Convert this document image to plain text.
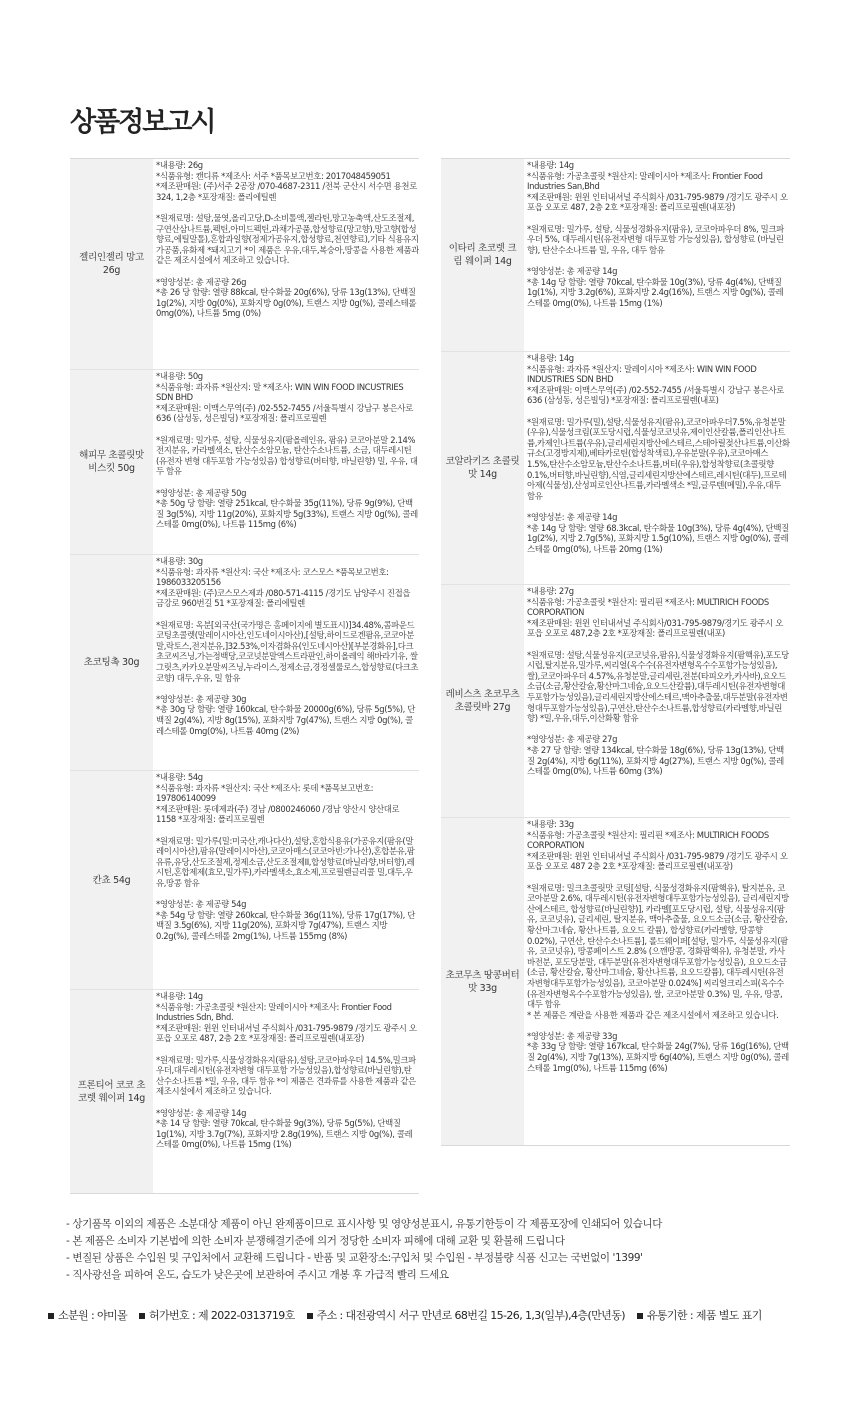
상품정보고시
젤리인젤리 망고 26g
*내용량: 26g
*식품유형: 캔디류 *제조사: 서주 *품목보고번호: 2017048459051
*제조판매원: (주)서주 2공장 /070-4687-2311 /전북 군산시 서수면 용천로 324, 1,2층 *포장재질: 폴리에틸렌

*원재료명: 설탕,물엿,올리고당,D-소비톨액,젤라틴,망고농축액,산도조절제,구연산삼나트륨,펙틴,아미드펙틴,과채가공품,합성향료(망고향),망고향(합성향료,에틸말톨),혼합과일향(정제가공유지,합성향료,천연향료),기타 식용유지가공품,유화제 *돼지고기 *이 제품은 우유,대두,복숭아,땅콩을 사용한 제품과 같은 제조시설에서 제조하고 있습니다.

*영양성분: 총 제공량 26g
*총 26 당 함량: 열량 88kcal, 탄수화물 20g(6%), 당류 13g(13%), 단백질 1g(2%), 지방 0g(0%), 포화지방 0g(0%), 트랜스 지방 0g(%), 콜레스테롤 0mg(0%), 나트륨 5mg (0%)
해피무 초콜릿맛 비스킷 50g
*내용량: 50g
*식품유형: 과자류 *원산지: 말 *제조사: WIN WIN FOOD INCUSTRIES SDN BHD
*제조판매원: 이맥스무역(주) /02-552-7455 /서울특별시 강남구 봉은사로 636 (삼성동, 성은빌딩) *포장재질: 폴리프로필렌

*원재료명: 밀가루, 설탕, 식물성유지(팜올레인유, 팜유) 코코아분말 2.14% 전지분유, 카라멜색소, 탄산수소암모늄, 탄산수소나트륨, 소금, 대두레시틴(유전자 변형 대두포함 가능성있음) 합성향료(버터향, 바닐린향) 밀, 우유, 대두 함유

*영양성분: 총 제공량 50g
*총 50g 당 함량: 열량 251kcal, 탄수화물 35g(11%), 당류 9g(9%), 단백질 3g(5%), 지방 11g(20%), 포화지방 5g(33%), 트랜스 지방 0g(%), 콜레스테롤 0mg(0%), 나트륨 115mg (6%)
초코팅촉 30g
*내용량: 30g
*식품유형: 과자류 *원산지: 국산 *제조사: 코스모스 *품목보고번호: 1986033205156
*제조판매원: (주)코스모스제과 /080-571-4115 /경기도 남양주시 진접읍 금강로 960번길 51 *포장재질: 폴리에틸렌

*원재료명: 옥분[외국산(국가명은 홈페이지에 별도표시)]34.48%,콤파운드코팅초콜렛(말레이시아산,인도네이시아산),[설탕,하이드로겐팜유,코코아분말,락토스,전지분유,]32.53%,이자겸화유(인도네시아산)[부분경화유],다크초코씨즈닝,가는정백당,코코넛분말엑스트라판인,하이올레익 해바라기유, 쌀그릿츠,카카오분말씨즈닝,누라이스,정제소금,경정셀룰로스,합성향료(다크초코향) 대두,우유, 밀 함유

*영양성분: 총 제공량 30g
*총 30g 당 함량: 열량 160kcal, 탄수화물 20000g(6%), 당류 5g(5%), 단백질 2g(4%), 지방 8g(15%), 포화지방 7g(47%), 트랜스 지방 0g(%), 콜레스테롤 0mg(0%), 나트륨 40mg (2%)
칸쵸 54g
*내용량: 54g
*식품유형: 과자류 *원산지: 국산 *제조사: 롯데 *품목보고번호: 197806140099
*제조판매원: 롯데제과(주) 경남 /0800246060 /경남 양산시 양산대로 1158 *포장재질: 폴리프로필렌

*원재료명: 밀가루(밀:미국산,캐나다산),설탕,혼합식용유(가공유지(팜유(말레이시아산),팜유(말레이시아산),코코아매스(코코아빈:가나산),혼합분유,팜유류,유당,산도조절제,정제소금,산도조절제II,합성향료(바닐라향,버터향),레시틴,혼합제제(효모,밀가루),카라멜색소,효소제,프로필렌글리콜 밀,대두,우유,땅콩 함유

*영양성분: 총 제공량 54g
*총 54g 당 함량: 열량 260kcal, 탄수화물 36g(11%), 당류 17g(17%), 단백질 3.5g(6%), 지방 11g(20%), 포화지방 7g(47%), 트랜스 지방 0.2g(%), 콜레스테롤 2mg(1%), 나트륨 155mg (8%)
프론티어 코코 초코렛 웨이퍼 14g
*내용량: 14g
*식품유형: 가공초콜릿 *원산지: 말레이시아 *제조사: Frontier Food Industries Sdn, Bhd.
*제조판매원: 윈윈 인터내셔널 주식회사 /031-795-9879 /경기도 광주시 오포읍 오포로 487, 2층 2호 *포장재질: 폴리프로필렌(내포장)

*원재료명: 밀가루,식물성경화유지(팜유),설탕,코코아파우더 14.5%,밀크파우더,대두레시틴(유전자변형 대두포함 가능성있음),합성향료(바닐린향),탄산수소나트륨 *밀, 우유, 대두 함유 *이 제품은 견과류를 사용한 제품과 같은 제조시설에서 제조하고 있습니다.

*영양성분: 총 제공량 14g
*총 14 당 함량: 열량 70kcal, 탄수화물 9g(3%), 당류 5g(5%), 단백질 1g(1%), 지방 3.7g(7%), 포화지방 2.8g(19%), 트랜스 지방 0g(%), 콜레스테롤 0mg(0%), 나트륨 15mg (1%)
이타리 초코렛 크림 웨이퍼 14g
*내용량: 14g
*식품유형: 가공초콜릿 *원산지: 말레이시아 *제조사: Frontier Food Industries San,Bhd
*제조판매원: 윈윈 인터내셔널 주식회사 /031-795-9879 /경기도 광주시 오포읍 오포로 487, 2층 2호 *포장재질: 폴리프로필렌(내포장)

*원재료명: 밀가루, 설탕, 식물성경화유지(팜유), 코코아파우더 8%, 밀크파우더 5%, 대두레시틴(유전자변형 대두포함 가능성있음), 합성향료 (바닐린향), 탄산수소나트륨 밀, 우유, 대두 함유

*영양성분: 총 제공량 14g
*총 14g 당 함량: 열량 70kcal, 탄수화물 10g(3%), 당류 4g(4%), 단백질 1g(1%), 지방 3.2g(6%), 포화지방 2.4g(16%), 트랜스 지방 0g(%), 콜레스테롤 0mg(0%), 나트륨 15mg (1%)
코알라키즈 초콜릿맛 14g
*내용량: 14g
*식품유형: 과자류 *원산지: 말레이시아 *제조사: WIN WIN FOOD INDUSTRIES SDN BHD
*제조판매원: 이맥스무역(주) /02-552-7455 /서울특별시 강남구 봉은사로 636 (삼성동, 성은빌딩) *포장재질: 폴리프로필렌(내포)

*원재료명: 밀가루(밀),설탕,식물성유지(팜유),코코아파우더7.5%,유청분말(우유),식물성크림(포도당시럽,식물성코코넛유,제이인산칼륨,폴리인산나트륨,카제인나트륨(우유),글리세린지방산에스테르,스테아릴젖산나트륨,이산화규소(고경방지제),베타카로틴(합성착색료),우유분말(우유),코코아매스1.5%,탄산수소암모늄,탄산수소나트륨,버터(우유),합성착향료(초콜릿향0.1%,버터향,바닐린향),식염,글리세린지방산에스테르,레시틴(대두),프로테아제(식물성),산성피로인산나트륨,카라멜색소 *밀,글루텐(메밀),우유,대두 함유

*영양성분: 총 제공량 14g
*총 14g 당 함량: 열량 68.3kcal, 탄수화물 10g(3%), 당류 4g(4%), 단백질 1g(2%), 지방 2.7g(5%), 포화지방 1.5g(10%), 트랜스 지방 0g(0%), 콜레스테롤 0mg(0%), 나트륨 20mg (1%)
레비스츠 초코무츠 초콜릿바 27g
*내용량: 27g
*식품유형: 가공초콜릿 *원산지: 필리핀 *제조사: MULTIRICH FOODS CORPORATION
*제조판매원: 윈윈 인터내셔널 주식회사/031-795-9879/경기도 광주시 오포읍 오포로 487,2층 2호 *포장재질: 폴리프로필렌(내포)

*원재료명: 설탕,식물성유지(코코넛유,팜유),식물성경화유지(팜핵유),포도당시럽,탈지분유,밀가루,씨리얼(옥수수(유전자변형옥수수포함가능성있음),쌀),코코아파우더 4.57%,유청분말,글리세린,전분(타피오카,카사바),요오드소금(소금,황산칼슘,황산마그네슘,요오드산칼륨),대두레시틴(유전자변형대두포함가능성있음),글리세린지방산에스테르,맥아추출물,대두분말(유전자변형대두포함가능성있음),구연산,탄산수소나트륨,합성향료(카라멜향,바닐린향) *밀,우유,대두,이산화황 함유

*영양성분: 총 제공량 27g
*총 27 당 함량: 열량 134kcal, 탄수화물 18g(6%), 당류 13g(13%), 단백질 2g(4%), 지방 6g(11%), 포화지방 4g(27%), 트랜스 지방 0g(%), 콜레스테롤 0mg(0%), 나트륨 60mg (3%)
초코무츠 땅콩버터맛 33g
*내용량: 33g
*식품유형: 가공초콜릿 *원산지: 필리핀 *제조사: MULTIRICH FOODS CORPORATION
*제조판매원: 윈윈 인터내셔널 주식회사 /031-795-9879 /경기도 광주시 오포읍 오포로 487 2층 2호 *포장재질: 폴리프로필렌(내포장)

*원재료명: 밀크초콜릿맛 코팅[설탕, 식물성경화유지(팜핵유), 탈지분유, 코코아분말 2.6%, 대두레시틴(유전자변형대두포함가능성있음), 글리세린지방산에스테르, 합성향료(바닐린향)], 카라멜[포도당시럽, 설탕, 식물성유지(팜유, 코코넛유), 글리세린, 탈지분유, 맥아추출물, 요오드소금(소금, 황산칼슘, 황산마그네슘, 황산나트륨, 요오드 칼륨), 합성향료(카라멜향, 땅콩향 0.02%), 구연산, 탄산수소나트륨], 롤드웨이퍼[설탕, 밀가루, 식물성유지(팜유, 코코넛유), 땅콩페이스트 2.8% (으깬땅콩, 경화팜핵유), 유청분말, 카사바전분, 포도당분말, 대두분말(유전자변형대두포함가능성있음), 요오드소금(소금, 황산칼슘, 황산마그네슘, 황산나트륨, 요오드칼륨), 대두레시틴(유전자변형대두포함가능성있음), 코코아분말 0.024%] 씨리얼크리스피(옥수수(유전자변형옥수수포함가능성있음), 쌀, 코코아분말 0.3%) 밀, 우유, 땅콩, 대두 함유
* 본 제품은 계란을 사용한 제품과 같은 제조시설에서 제조하고 있습니다.

*영양성분: 총 제공량 33g
*총 33g 당 함량: 열량 167kcal, 탄수화물 24g(7%), 당류 16g(16%), 단백질 2g(4%), 지방 7g(13%), 포화지방 6g(40%), 트랜스 지방 0g(0%), 콜레스테롤 1mg(0%), 나트륨 115mg (6%)
- 상기품목 이외의 제품은 소분대상 제품이 아닌 완제품이므로 표시사항 및 영양성분표시, 유통기한등이 각 제품포장에 인쇄되어 있습니다
- 본 제품은 소비자 기본법에 의한 소비자 분쟁해결기준에 의거 정당한 소비자 피해에 대해 교환 및 환불해 드립니다
- 변질된 상품은 수입원 및 구입처에서 교환해 드립니다 - 반품 및 교환장소:구입처 및 수입원 - 부정불량 식품 신고는 국번없이 '1399'
- 직사광선을 피하여 온도, 습도가 낮은곳에 보관하여 주시고 개봉 후 가급적 빨리 드세요
소분원 : 야미몰 허가번호 : 제 2022-0313719호 주소 : 대전광역시 서구 만년로 68번길 15-26, 1,3(일부),4층(만년동) 유통기한 : 제품 별도 표기
